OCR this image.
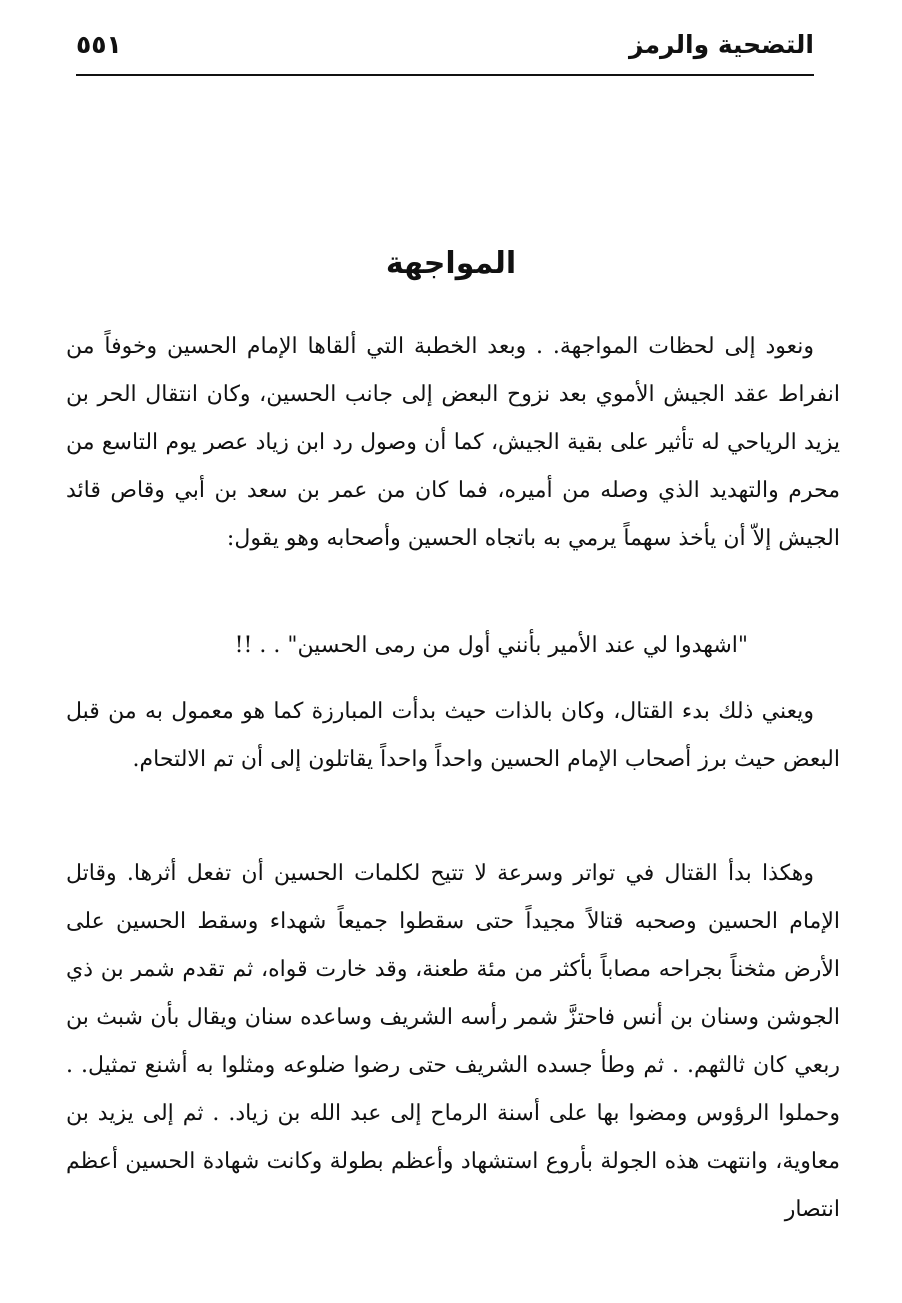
التضحية والرمز
٥٥١
المواجهة

ونعود إلى لحظات المواجهة. . وبعد الخطبة التي ألقاها الإمام الحسين وخوفاً من انفراط عقد الجيش الأموي بعد نزوح البعض إلى جانب الحسين، وكان انتقال الحر بن يزيد الرياحي له تأثير على بقية الجيش، كما أن وصول رد ابن زياد عصر يوم التاسع من محرم والتهديد الذي وصله من أميره، فما كان من عمر بن سعد بن أبي وقاص قائد الجيش إلاّ أن يأخذ سهماً يرمي به باتجاه الحسين وأصحابه وهو يقول:

"اشهدوا لي عند الأمير بأنني أول من رمى الحسين" . . !!

ويعني ذلك بدء القتال، وكان بالذات حيث بدأت المبارزة كما هو معمول به من قبل البعض حيث برز أصحاب الإمام الحسين واحداً واحداً يقاتلون إلى أن تم الالتحام.

وهكذا بدأ القتال في تواتر وسرعة لا تتيح لكلمات الحسين أن تفعل أثرها. وقاتل الإمام الحسين وصحبه قتالاً مجيداً حتى سقطوا جميعاً شهداء وسقط الحسين على الأرض مثخناً بجراحه مصاباً بأكثر من مئة طعنة، وقد خارت قواه، ثم تقدم شمر بن ذي الجوشن وسنان بن أنس فاحتزَّ شمر رأسه الشريف وساعده سنان ويقال بأن شبث بن ربعي كان ثالثهم. . ثم وطأ جسده الشريف حتى رضوا ضلوعه ومثلوا به أشنع تمثيل. . وحملوا الرؤوس ومضوا بها على أسنة الرماح إلى عبد الله بن زياد. . ثم إلى يزيد بن معاوية، وانتهت هذه الجولة بأروع استشهاد وأعظم بطولة وكانت شهادة الحسين أعظم انتصار
